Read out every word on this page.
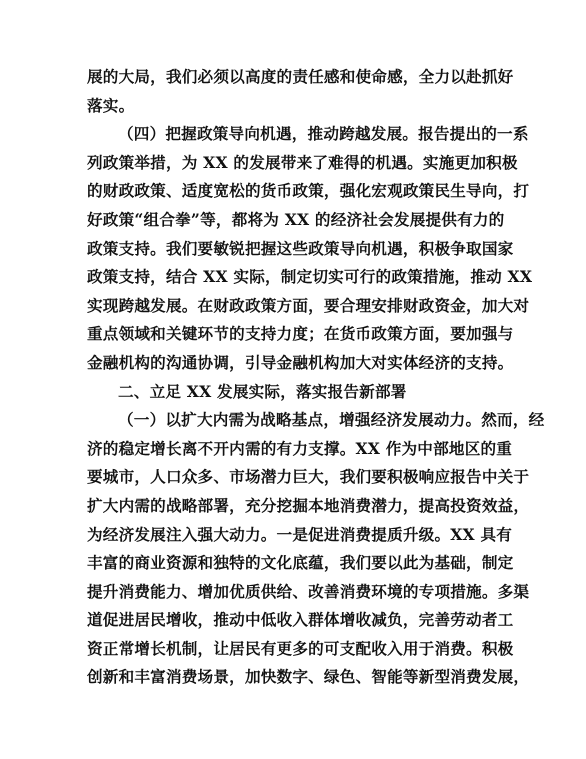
展的大局，我们必须以高度的责任感和使命感，全力以赴抓好
落实。
（四）把握政策导向机遇，推动跨越发展。报告提出的一系
列政策举措，为 XX 的发展带来了难得的机遇。实施更加积极
的财政政策、适度宽松的货币政策，强化宏观政策民生导向，打
好政策“组合拳”等，都将为 XX 的经济社会发展提供有力的
政策支持。我们要敏锐把握这些政策导向机遇，积极争取国家
政策支持，结合 XX 实际，制定切实可行的政策措施，推动 XX
实现跨越发展。在财政政策方面，要合理安排财政资金，加大对
重点领域和关键环节的支持力度；在货币政策方面，要加强与
金融机构的沟通协调，引导金融机构加大对实体经济的支持。
二、立足 XX 发展实际，落实报告新部署
（一）以扩大内需为战略基点，增强经济发展动力。然而，经
济的稳定增长离不开内需的有力支撑。XX 作为中部地区的重
要城市，人口众多、市场潜力巨大，我们要积极响应报告中关于
扩大内需的战略部署，充分挖掘本地消费潜力，提高投资效益，
为经济发展注入强大动力。一是促进消费提质升级。XX 具有
丰富的商业资源和独特的文化底蕴，我们要以此为基础，制定
提升消费能力、增加优质供给、改善消费环境的专项措施。多渠
道促进居民增收，推动中低收入群体增收减负，完善劳动者工
资正常增长机制，让居民有更多的可支配收入用于消费。积极
创新和丰富消费场景，加快数字、绿色、智能等新型消费发展，
